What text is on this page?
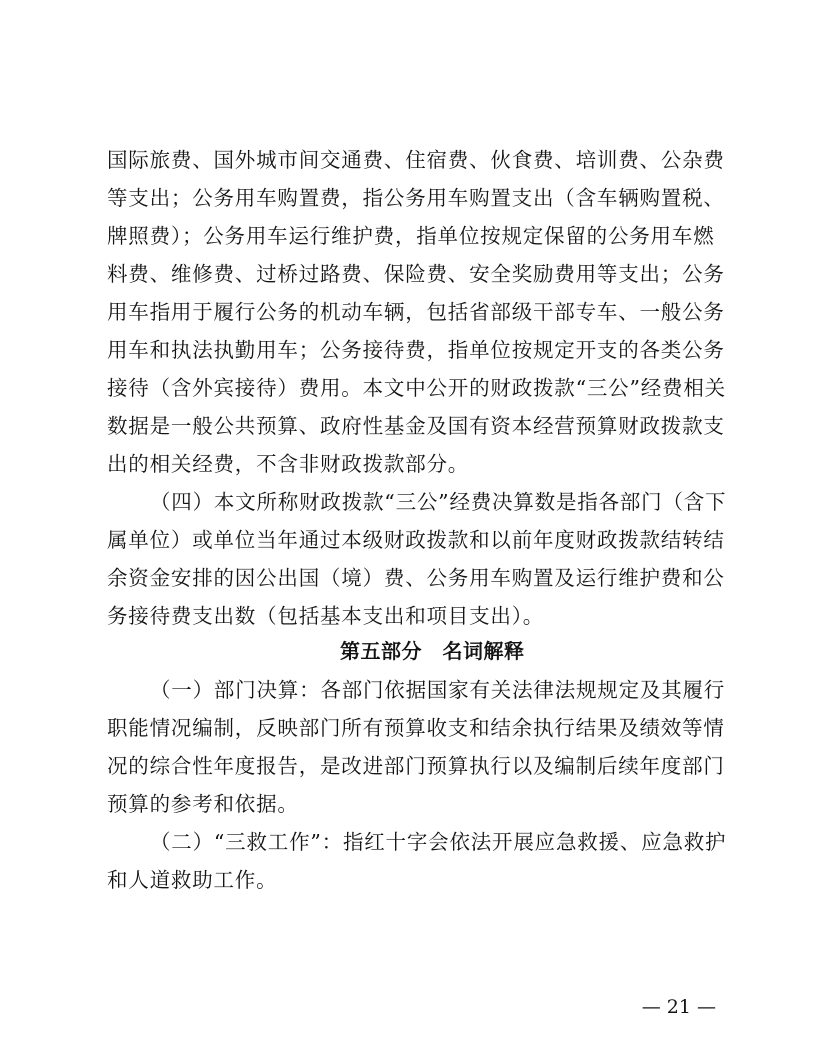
国际旅费、国外城市间交通费、住宿费、伙食费、培训费、公杂费

等支出；公务用车购置费，指公务用车购置支出（含车辆购置税、

牌照费）；公务用车运行维护费，指单位按规定保留的公务用车燃

料费、维修费、过桥过路费、保险费、安全奖励费用等支出；公务

用车指用于履行公务的机动车辆，包括省部级干部专车、一般公务

用车和执法执勤用车；公务接待费，指单位按规定开支的各类公务

接待（含外宾接待）费用。本文中公开的财政拨款“三公”经费相关

数据是一般公共预算、政府性基金及国有资本经营预算财政拨款支

出的相关经费，不含非财政拨款部分。

（四）本文所称财政拨款“三公”经费决算数是指各部门（含下

属单位）或单位当年通过本级财政拨款和以前年度财政拨款结转结

余资金安排的因公出国（境）费、公务用车购置及运行维护费和公

务接待费支出数（包括基本支出和项目支出）。

第五部分　名词解释

（一）部门决算：各部门依据国家有关法律法规规定及其履行

职能情况编制，反映部门所有预算收支和结余执行结果及绩效等情

况的综合性年度报告，是改进部门预算执行以及编制后续年度部门

预算的参考和依据。

（二）“三救工作”：指红十字会依法开展应急救援、应急救护

和人道救助工作。

— 21 —
